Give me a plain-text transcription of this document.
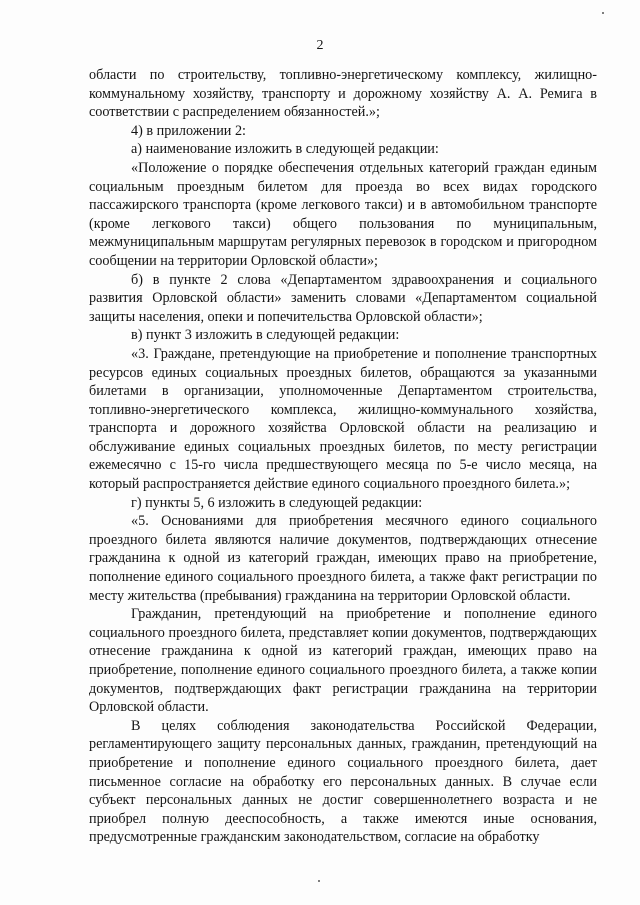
2

области по строительству, топливно-энергетическому комплексу, жилищно-коммунальному хозяйству, транспорту и дорожному хозяйству А. А. Ремига в соответствии с распределением обязанностей.»;

4) в приложении 2:

а) наименование изложить в следующей редакции:

«Положение о порядке обеспечения отдельных категорий граждан единым социальным проездным билетом для проезда во всех видах городского пассажирского транспорта (кроме легкового такси) и в автомобильном транспорте (кроме легкового такси) общего пользования по муниципальным, межмуниципальным маршрутам регулярных перевозок в городском и пригородном сообщении на территории Орловской области»;

б) в пункте 2 слова «Департаментом здравоохранения и социального развития Орловской области» заменить словами «Департаментом социальной защиты населения, опеки и попечительства Орловской области»;

в) пункт 3 изложить в следующей редакции:

«3. Граждане, претендующие на приобретение и пополнение транспортных ресурсов единых социальных проездных билетов, обращаются за указанными билетами в организации, уполномоченные Департаментом строительства, топливно-энергетического комплекса, жилищно-коммунального хозяйства, транспорта и дорожного хозяйства Орловской области на реализацию и обслуживание единых социальных проездных билетов, по месту регистрации ежемесячно с 15-го числа предшествующего месяца по 5-е число месяца, на который распространяется действие единого социального проездного билета.»;

г) пункты 5, 6 изложить в следующей редакции:

«5. Основаниями для приобретения месячного единого социального проездного билета являются наличие документов, подтверждающих отнесение гражданина к одной из категорий граждан, имеющих право на приобретение, пополнение единого социального проездного билета, а также факт регистрации по месту жительства (пребывания) гражданина на территории Орловской области.

Гражданин, претендующий на приобретение и пополнение единого социального проездного билета, представляет копии документов, подтверждающих отнесение гражданина к одной из категорий граждан, имеющих право на приобретение, пополнение единого социального проездного билета, а также копии документов, подтверждающих факт регистрации гражданина на территории Орловской области.

В целях соблюдения законодательства Российской Федерации, регламентирующего защиту персональных данных, гражданин, претендующий на приобретение и пополнение единого социального проездного билета, дает письменное согласие на обработку его персональных данных. В случае если субъект персональных данных не достиг совершеннолетнего возраста и не приобрел полную дееспособность, а также имеются иные основания, предусмотренные гражданским законодательством, согласие на обработку
